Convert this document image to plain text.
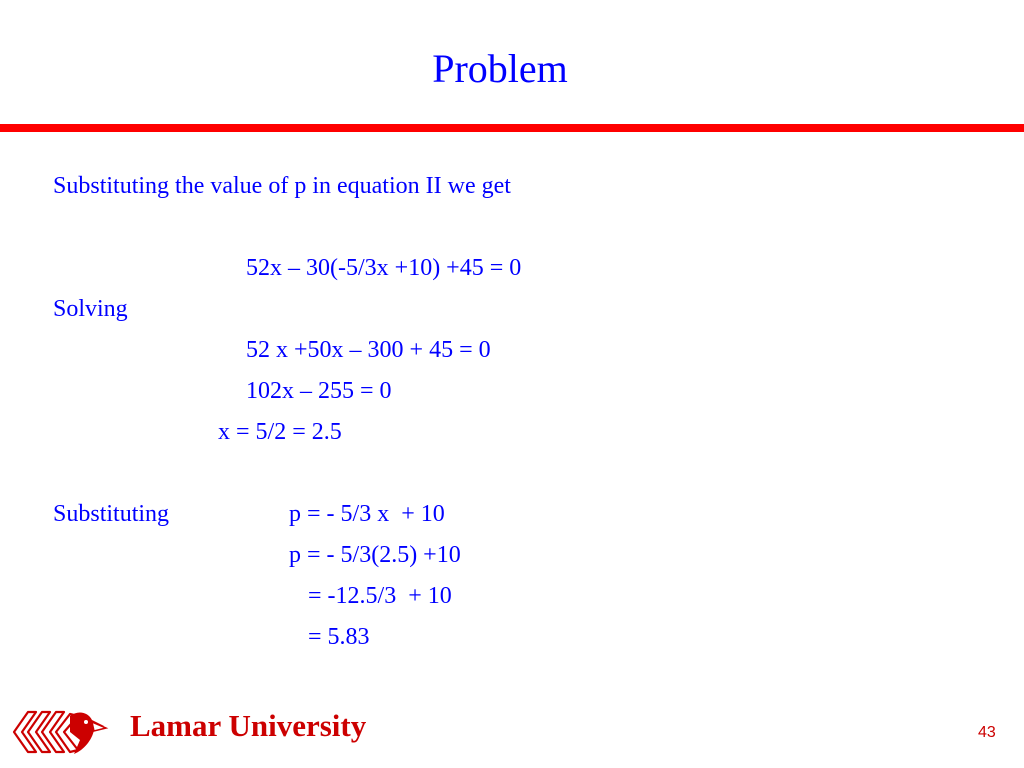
Problem
Substituting the value of p in equation II we get
52x – 30(-5/3x +10) +45 = 0
Solving
52 x +50x – 300 + 45 = 0
102x – 255 = 0
x = 5/2 = 2.5
Substituting	p = - 5/3 x  + 10
p = - 5/3(2.5) +10
= -12.5/3  + 10
= 5.83
Lamar University	43
